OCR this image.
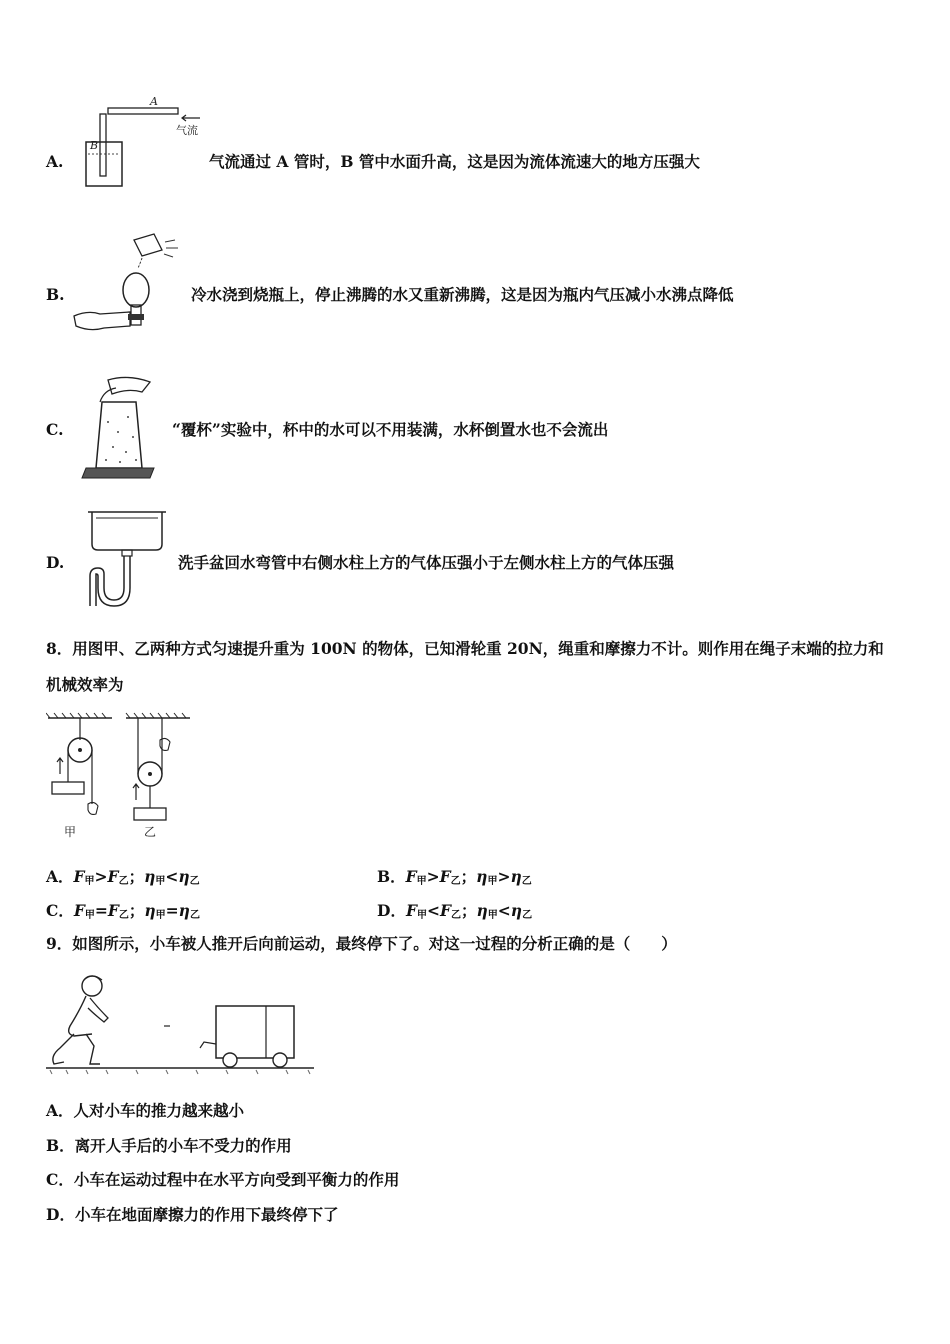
A.
A
B
气流
气流通过 A 管时，B 管中水面升高，这是因为流体流速大的地方压强大
B.	冷水浇到烧瓶上，停止沸腾的水又重新沸腾，这是因为瓶内气压减小水沸点降低
C.	“覆杯”实验中，杯中的水可以不用装满，水杯倒置水也不会流出
D.	洗手盆回水弯管中右侧水柱上方的气体压强小于左侧水柱上方的气体压强
8．用图甲、乙两种方式匀速提升重为 100N 的物体，已知滑轮重 20N，绳重和摩擦力不计。则作用在绳子末端的拉力和
机械效率为
甲	乙
A．$F_甲>F_乙$；$\eta_甲<\eta_乙$	B．$F_甲>F_乙$；$\eta_甲>\eta_乙$
C．$F_甲=F_乙$；$\eta_甲=\eta_乙$	D．$F_甲<F_乙$；$\eta_甲<\eta_乙$
9．如图所示，小车被人推开后向前运动，最终停下了。对这一过程的分析正确的是（　　）
A．人对小车的推力越来越小
B．离开人手后的小车不受力的作用
C．小车在运动过程中在水平方向受到平衡力的作用
D．小车在地面摩擦力的作用下最终停下了
